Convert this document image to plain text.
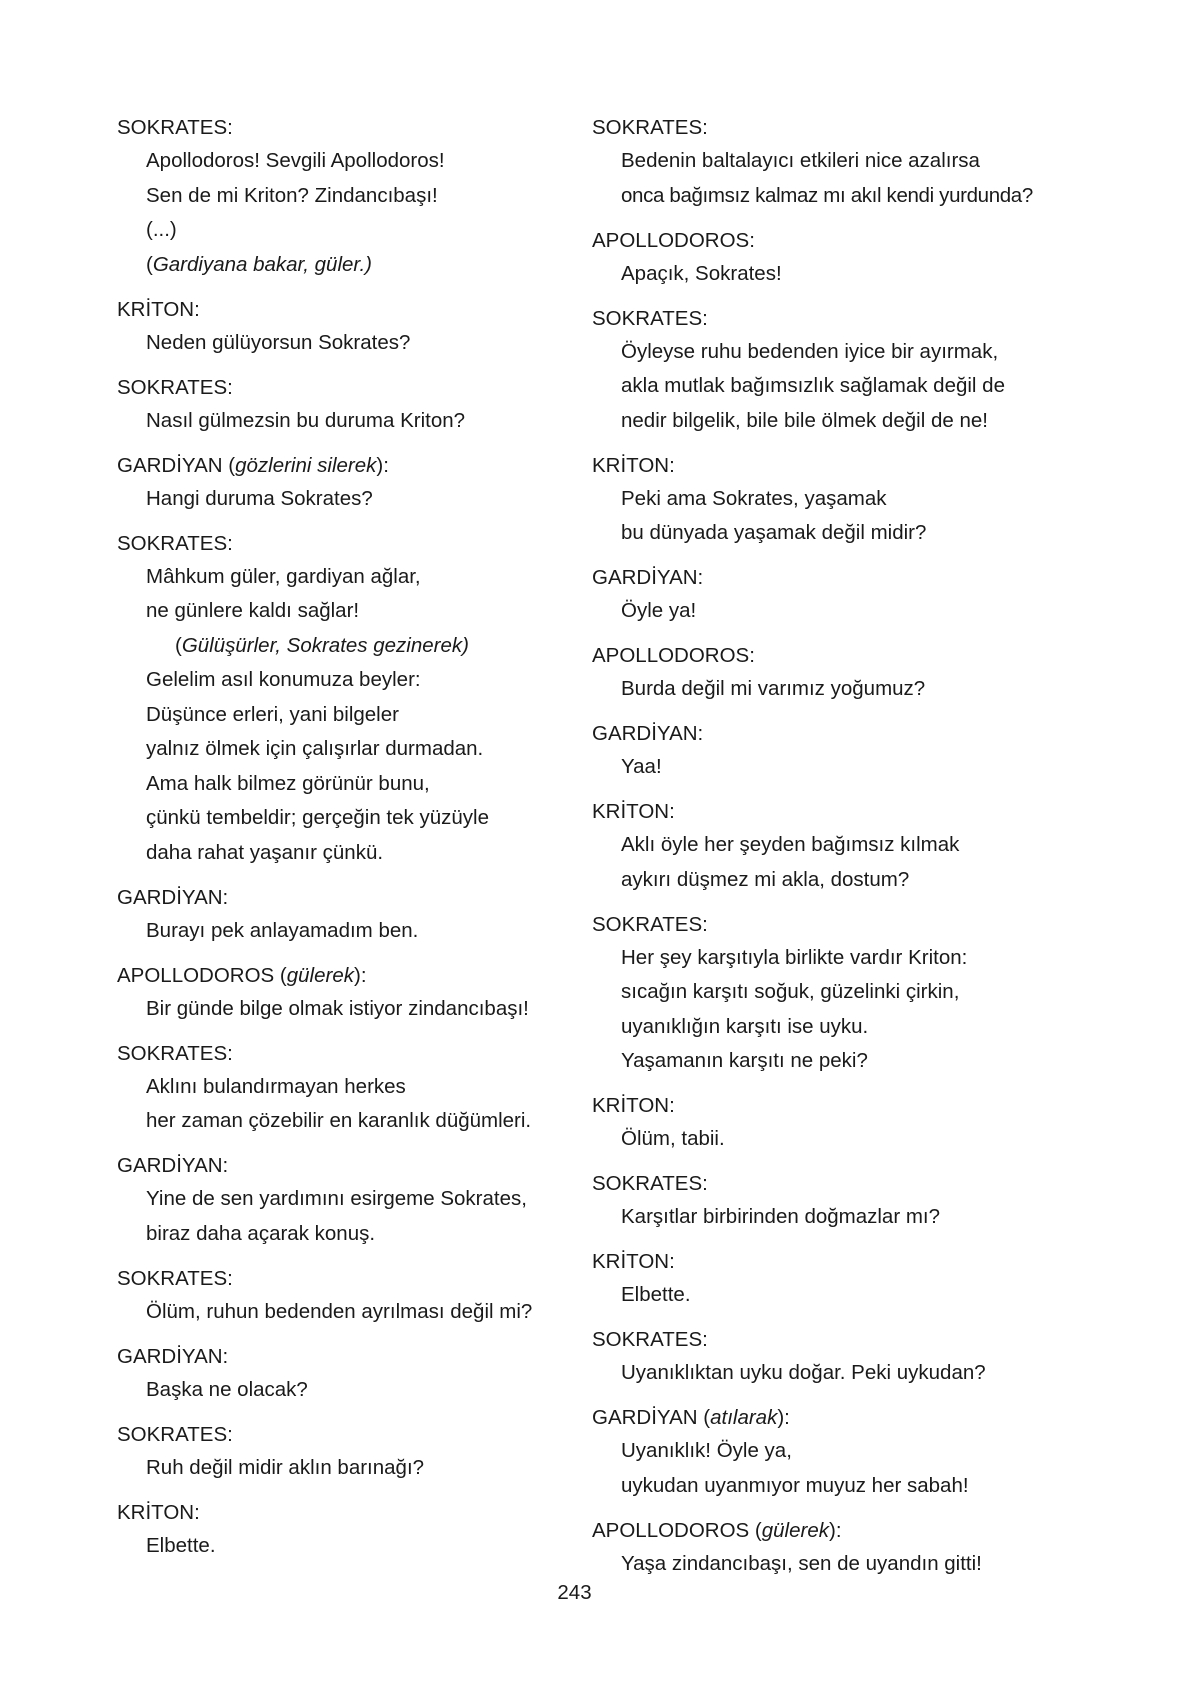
SOKRATES:
Apollodoros! Sevgili Apollodoros!
Sen de mi Kriton? Zindancıbaşı!
(...)
(Gardiyana bakar, güler.)
KRİTON:
Neden gülüyorsun Sokrates?
SOKRATES:
Nasıl gülmezsin bu duruma Kriton?
GARDİYAN (gözlerini silerek):
Hangi duruma Sokrates?
SOKRATES:
Mâhkum güler, gardiyan ağlar,
ne günlere kaldı sağlar!
(Gülüşürler, Sokrates gezinerek)
Gelelim asıl konumuza beyler:
Düşünce erleri, yani bilgeler
yalnız ölmek için çalışırlar durmadan.
Ama halk bilmez görünür bunu,
çünkü tembeldir; gerçeğin tek yüzüyle
daha rahat yaşanır çünkü.
GARDİYAN:
Burayı pek anlayamadım ben.
APOLLODOROS (gülerek):
Bir günde bilge olmak istiyor zindancıbaşı!
SOKRATES:
Aklını bulandırmayan herkes
her zaman çözebilir en karanlık düğümleri.
GARDİYAN:
Yine de sen yardımını esirgeme Sokrates,
biraz daha açarak konuş.
SOKRATES:
Ölüm, ruhun bedenden ayrılması değil mi?
GARDİYAN:
Başka ne olacak?
SOKRATES:
Ruh değil midir aklın barınağı?
KRİTON:
Elbette.
SOKRATES:
Bedenin baltalayıcı etkileri nice azalırsa
onca bağımsız kalmaz mı akıl kendi yurdunda?
APOLLODOROS:
Apaçık, Sokrates!
SOKRATES:
Öyleyse ruhu bedenden iyice bir ayırmak,
akla mutlak bağımsızlık sağlamak değil de
nedir bilgelik, bile bile ölmek değil de ne!
KRİTON:
Peki ama Sokrates, yaşamak
bu dünyada yaşamak değil midir?
GARDİYAN:
Öyle ya!
APOLLODOROS:
Burda değil mi varımız yoğumuz?
GARDİYAN:
Yaa!
KRİTON:
Aklı öyle her şeyden bağımsız kılmak
aykırı düşmez mi akla, dostum?
SOKRATES:
Her şey karşıtıyla birlikte vardır Kriton:
sıcağın karşıtı soğuk, güzelinki çirkin,
uyanıklığın karşıtı ise uyku.
Yaşamanın karşıtı ne peki?
KRİTON:
Ölüm, tabii.
SOKRATES:
Karşıtlar birbirinden doğmazlar mı?
KRİTON:
Elbette.
SOKRATES:
Uyanıklıktan uyku doğar. Peki uykudan?
GARDİYAN (atılarak):
Uyanıklık! Öyle ya,
uykudan uyanmıyor muyuz her sabah!
APOLLODOROS (gülerek):
Yaşa zindancıbaşı, sen de uyandın gitti!
243
